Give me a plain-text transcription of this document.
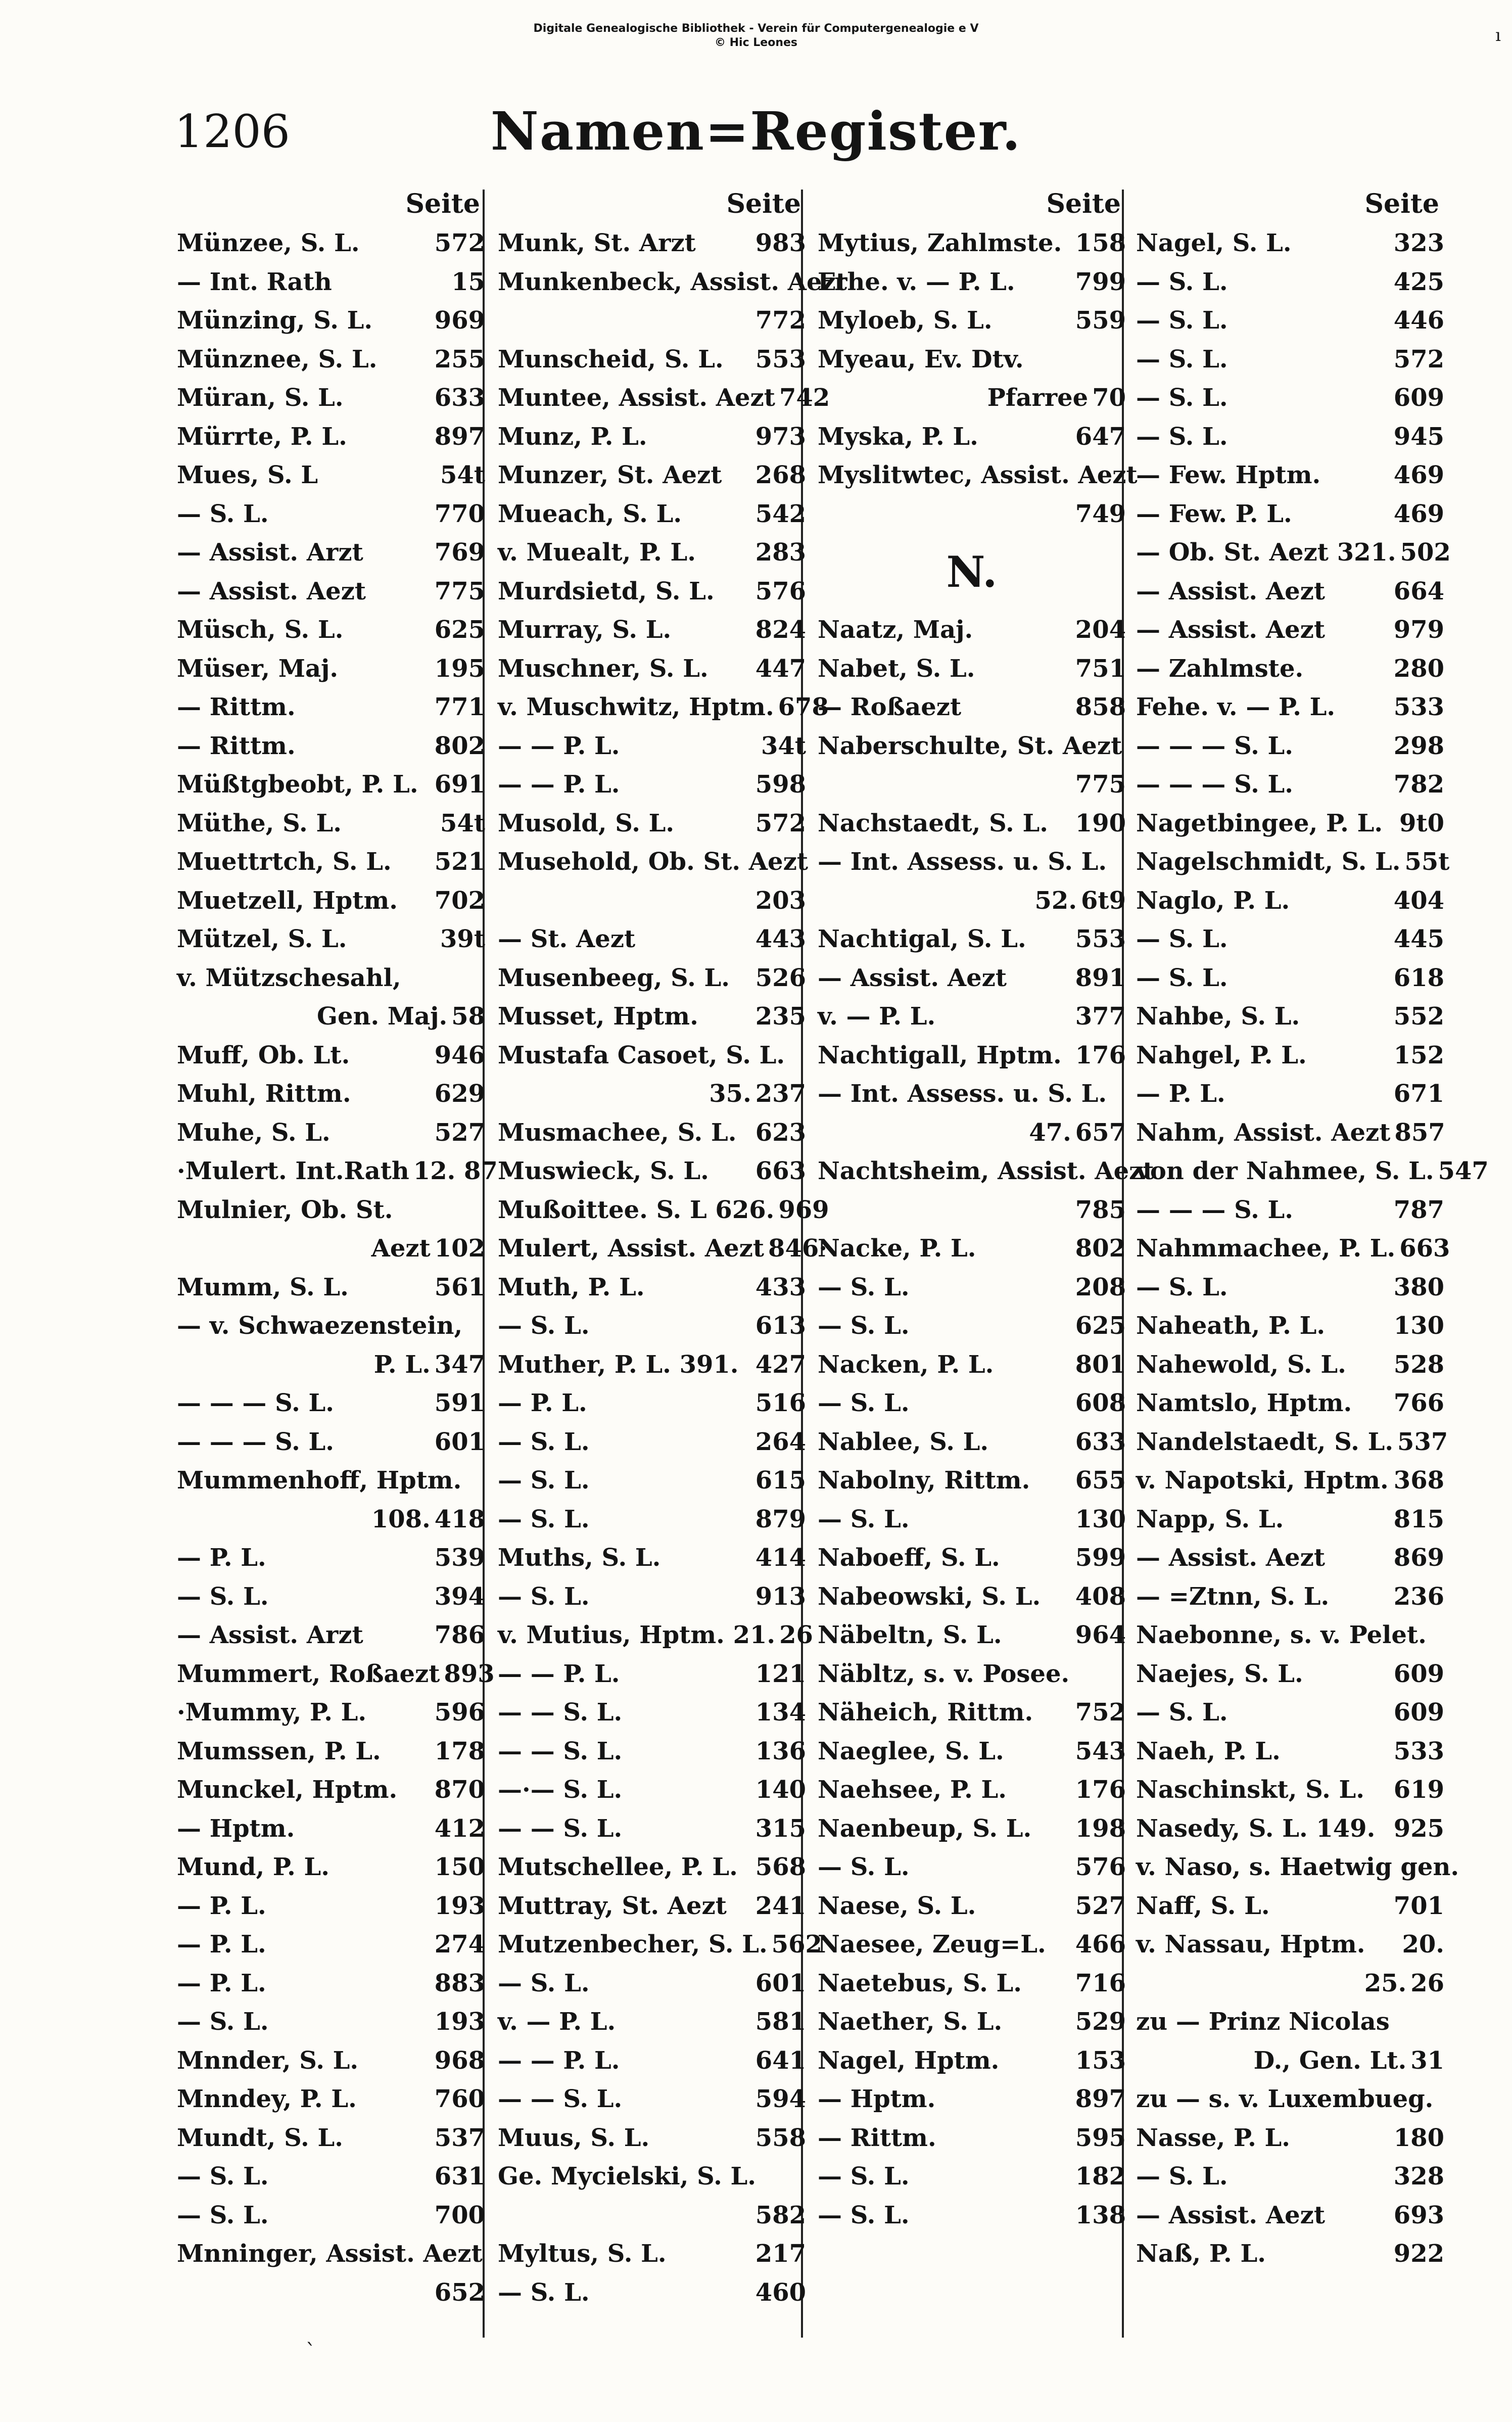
Digitale Genealogische Bibliothek - Verein für Computergenealogie e V
© Hic Leones	ı
1206	Namen=Register.
Seite
Münzee, S. L.	572
— Int. Rath	15
Münzing, S. L.	969
Münznee, S. L.	255
Müran, S. L.	633
Mürrte, P. L.	897
Mues, S. L	54t
— S. L.	770
— Assist. Arzt	769
— Assist. Aezt	775
Müsch, S. L.	625
Müser, Maj.	195
— Rittm.	771
— Rittm.	802
Müßtgbeobt, P. L. 691
Müthe, S. L.	54t
Muettrtch, S. L.	521
Muetzell, Hptm.	702
Mützel, S. L.	39t
v. Mützschesahl,
Gen. Maj. 58
Muff, Ob. Lt.	946
Muhl, Rittm.	629
Muhe, S. L.	527
·Mulert. Int.Rath 12. 87
Mulnier, Ob. St.
Aezt 102
Mumm, S. L.	561
— v. Schwaezenstein,
P. L. 347
— — — S. L.	591
— — — S. L.	601
Mummenhoff, Hptm.
108. 418
— P. L.	539
— S. L.	394
— Assist. Arzt	786
Mummert, Roßaezt 893
·Mummy, P. L.	596
Mumssen, P. L.	178
Munckel, Hptm.	870
— Hptm.	412
Mund, P. L.	150
— P. L.	193
— P. L.	274
— P. L.	883
— S. L.	193
Mnnder, S. L.	968
Mnndey, P. L.	760
Mundt, S. L.	537
— S. L.	631
— S. L.	700
Mnninger, Assist. Aezt
652
Seite
Munk, St. Arzt	983
Munkenbeck, Assist. Aezt
772
Munscheid, S. L.	553
Muntee, Assist. Aezt 742
Munz, P. L.	973
Munzer, St. Aezt	268
Mueach, S. L.	542
v. Muealt, P. L.	283
Murdsietd, S. L.	576
Murray, S. L.	824
Muschner, S. L.	447
v. Muschwitz, Hptm. 678
— — P. L.	34t
— — P. L.	598
Musold, S. L.	572
Musehold, Ob. St. Aezt
203
— St. Aezt	443
Musenbeeg, S. L.	526
Musset, Hptm.	235
Mustafa Casoet, S. L.
35. 237
Musmachee, S. L. 623
Muswieck, S. L.	663
Mußoittee. S. L 626. 969
Mulert, Assist. Aezt 846·
Muth, P. L.	433
— S. L.	613
Muther, P. L. 391. 427
— P. L.	516
— S. L.	264
— S. L.	615
— S. L.	879
Muths, S. L.	414
— S. L.	913
v. Mutius, Hptm. 21. 26
— — P. L.	121
— — S. L.	134
— — S. L.	136
—·— S. L.	140
— — S. L.	315
Mutschellee, P. L. 568
Muttray, St. Aezt	241
Mutzenbecher, S. L. 562
— S. L.	601
v. — P. L.	581
— — P. L.	641
— — S. L.	594
Muus, S. L.	558
Ge. Mycielski, S. L.
582
Myltus, S. L.	217
— S. L.	460
Seite
Mytius, Zahlmste. 158
Frhe. v. — P. L.	799
Myloeb, S. L.	559
Myeau, Ev. Dtv.
Pfarree 70
Myska, P. L.	647
Myslitwtec, Assist. Aezt
749
N.
Naatz, Maj.	204
Nabet, S. L.	751
— Roßaezt	858
Naberschulte, St. Aezt
775
Nachstaedt, S. L.	190
— Int. Assess. u. S. L.
52. 6t9
Nachtigal, S. L.	553
— Assist. Aezt	891
v. — P. L.	377
Nachtigall, Hptm. 176
— Int. Assess. u. S. L.
47. 657
Nachtsheim, Assist. Aezt
785
Nacke, P. L.	802
— S. L.	208
— S. L.	625
Nacken, P. L.	801
— S. L.	608
Nablee, S. L.	633
Nabolny, Rittm.	655
— S. L.	130
Naboeff, S. L.	599
Nabeowski, S. L.	408
Näbeltn, S. L.	964
Näbltz, s. v. Posee.
Näheich, Rittm.	752
Naeglee, S. L.	543
Naehsee, P. L.	176
Naenbeup, S. L.	198
— S. L.	576
Naese, S. L.	527
Naesee, Zeug=L.	466
Naetebus, S. L.	716
Naether, S. L.	529
Nagel, Hptm.	153
— Hptm.	897
— Rittm.	595
— S. L.	182
— S. L.	138
Seite
Nagel, S. L.	323
— S. L.	425
— S. L.	446
— S. L.	572
— S. L.	609
— S. L.	945
— Few. Hptm.	469
— Few. P. L.	469
— Ob. St. Aezt 321. 502
— Assist. Aezt	664
— Assist. Aezt	979
— Zahlmste.	280
Fehe. v. — P. L.	533
— — — S. L.	298
— — — S. L.	782
Nagetbingee, P. L. 9t0
Nagelschmidt, S. L. 55t
Naglo, P. L.	404
— S. L.	445
— S. L.	618
Nahbe, S. L.	552
Nahgel, P. L.	152
— P. L.	671
Nahm, Assist. Aezt 857
von der Nahmee, S. L. 547
— — — S. L.	787
Nahmmachee, P. L. 663
— S. L.	380
Naheath, P. L.	130
Nahewold, S. L.	528
Namtslo, Hptm.	766
Nandelstaedt, S. L. 537
v. Napotski, Hptm. 368
Napp, S. L.	815
— Assist. Aezt	869
— =Ztnn, S. L.	236
Naebonne, s. v. Pelet.
Naejes, S. L.	609
— S. L.	609
Naeh, P. L.	533
Naschinskt, S. L.	619
Nasedy, S. L. 149. 925
v. Naso, s. Haetwig gen.
Naff, S. L.	701
v. Nassau, Hptm.	20.
25. 26
zu — Prinz Nicolas
D., Gen. Lt. 31
zu — s. v. Luxembueg.
Nasse, P. L.	180
— S. L.	328
— Assist. Aezt	693
Naß, P. L.	922
ˋ
